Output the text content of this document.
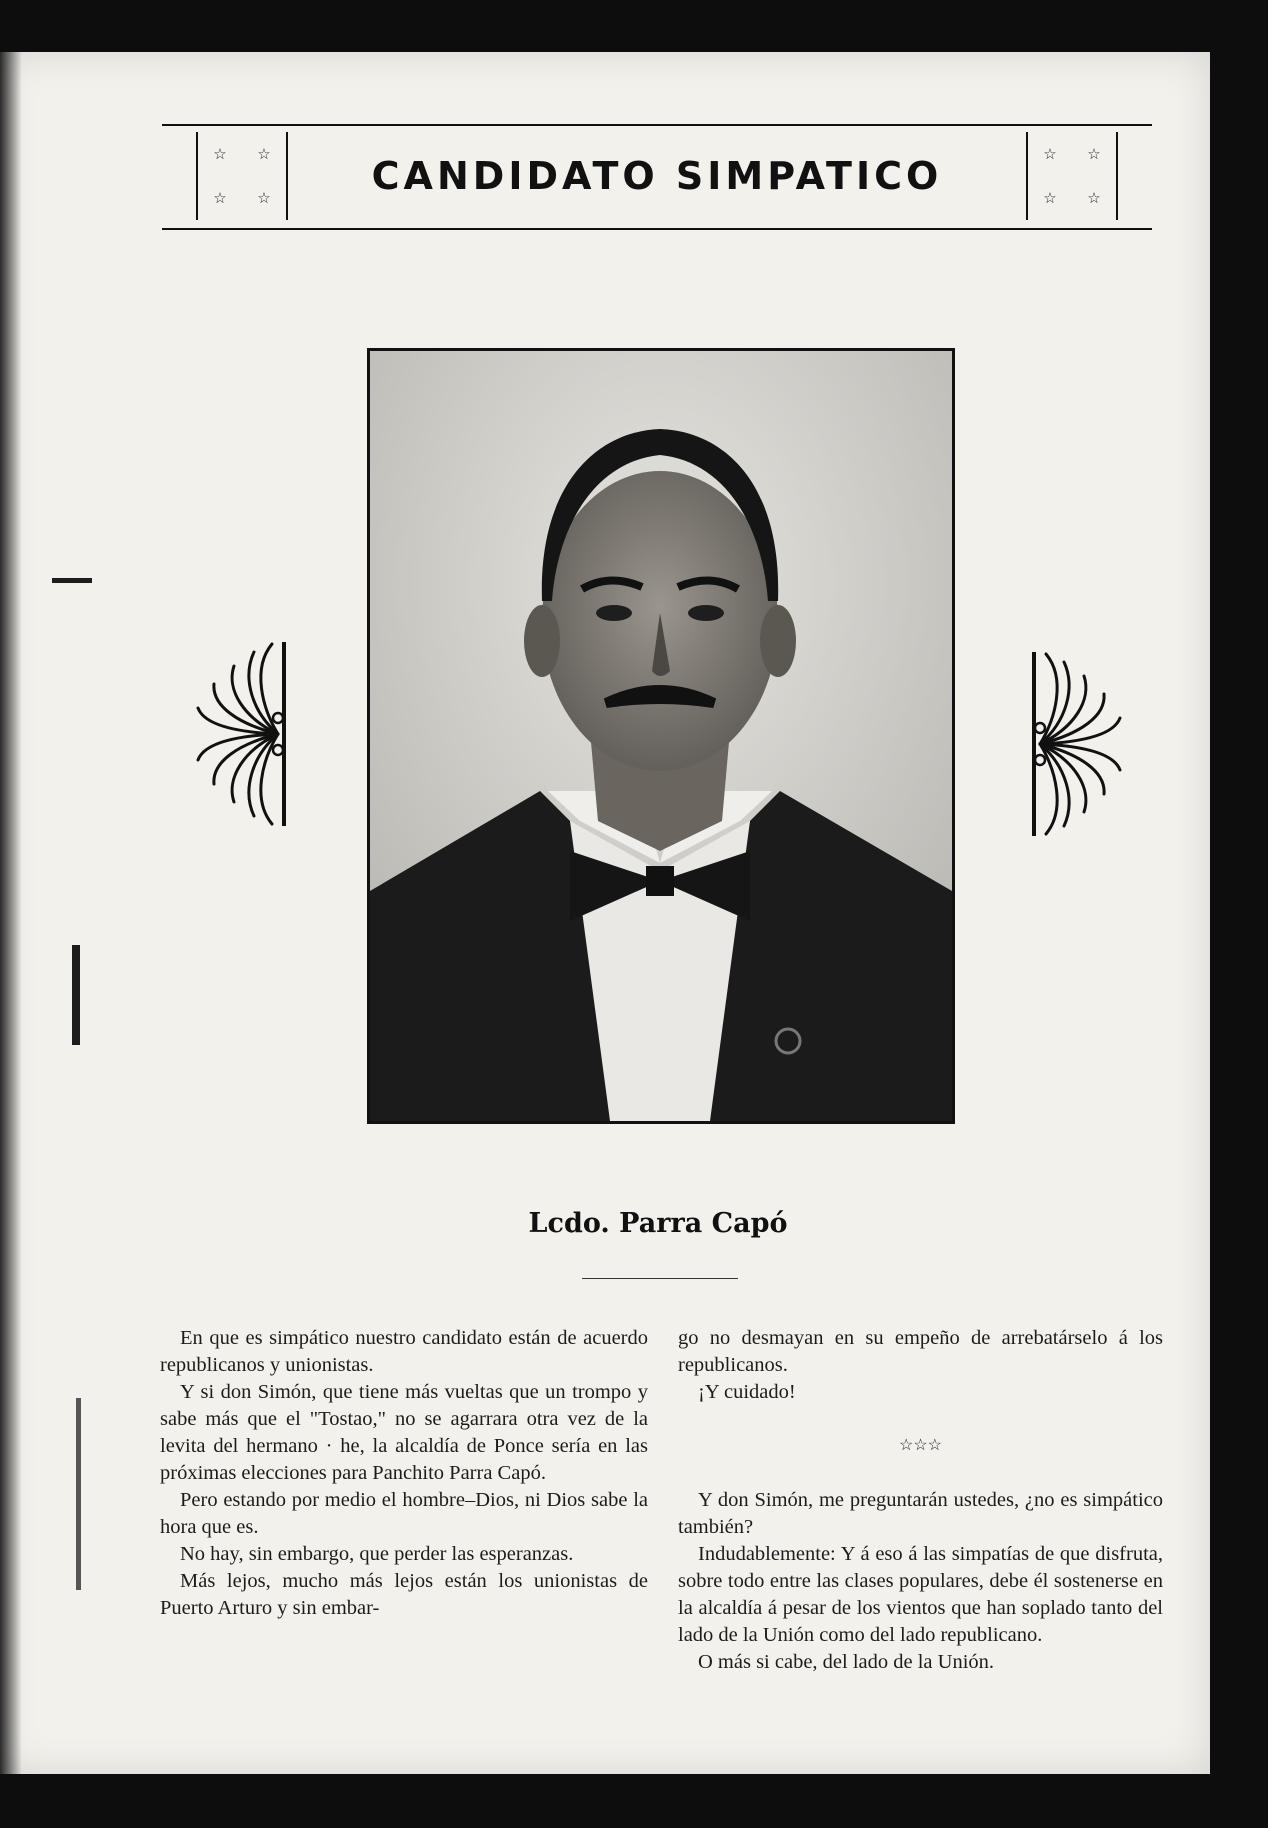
☆ ☆
☆ ☆	CANDIDATO SIMPATICO	☆ ☆
☆ ☆
Lcdo. Parra Capó

En que es simpático nuestro candidato están de acuerdo republicanos y unionistas.

Y si don Simón, que tiene más vueltas que un trompo y sabe más que el "Tostao," no se agarrara otra vez de la levita del hermano · he, la alcaldía de Ponce sería en las próximas elecciones para Panchito Parra Capó.

Pero estando por medio el hombre–Dios, ni Dios sabe la hora que es.

No hay, sin embargo, que perder las esperanzas.

Más lejos, mucho más lejos están los unionistas de Puerto Arturo y sin embar-

go no desmayan en su empeño de arrebatárselo á los republicanos.

¡Y cuidado!

☆☆☆

Y don Simón, me preguntarán ustedes, ¿no es simpático también?

Indudablemente: Y á eso á las simpatías de que disfruta, sobre todo entre las clases populares, debe él sostenerse en la alcaldía á pesar de los vientos que han soplado tanto del lado de la Unión como del lado republicano.

O más si cabe, del lado de la Unión.
